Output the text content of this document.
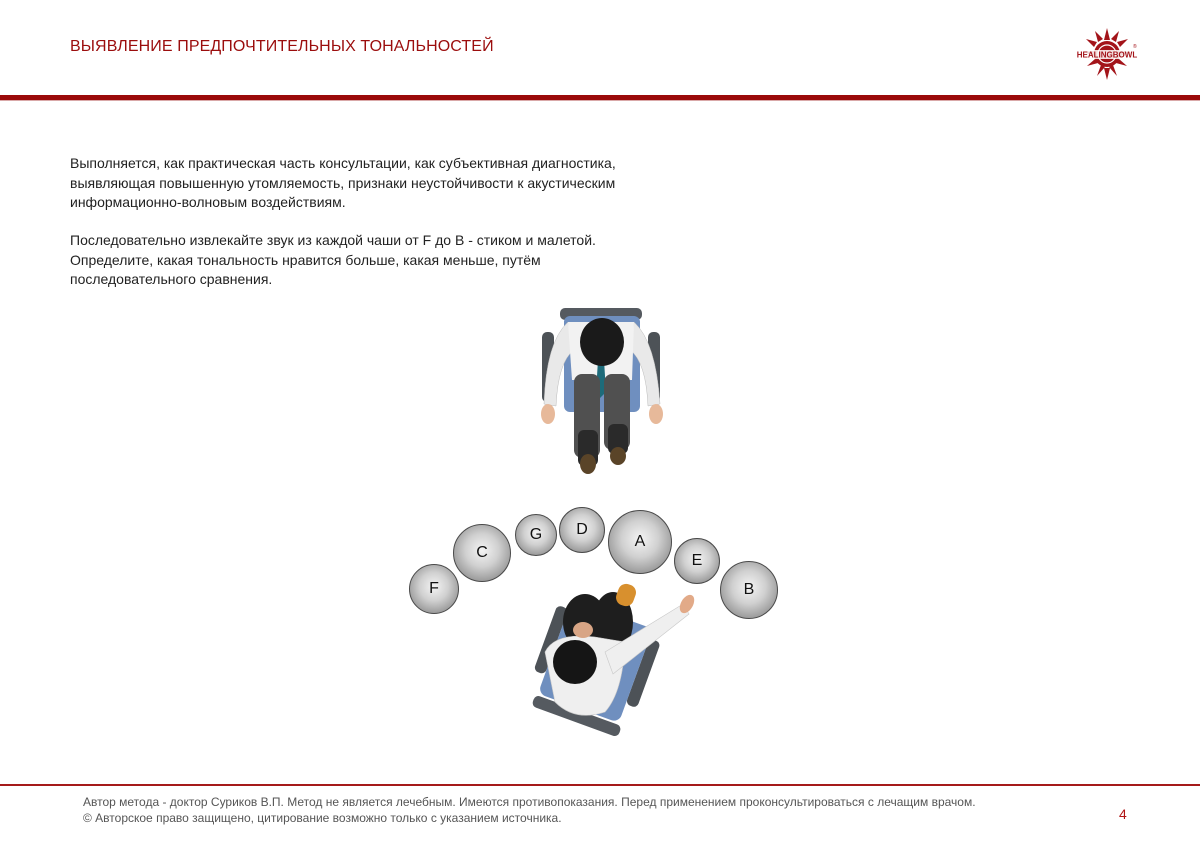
ВЫЯВЛЕНИЕ ПРЕДПОЧТИТЕЛЬНЫХ ТОНАЛЬНОСТЕЙ	HEALINGBOWL
®
Выполняется, как практическая часть консультации, как субъективная диагностика,
выявляющая повышенную утомляемость, признаки неустойчивости к акустическим
информационно-волновым воздействиям.
Последовательно извлекайте звук из каждой чаши от F до B - стиком и малетой.
Определите, какая тональность нравится больше, какая меньше, путём
последовательного сравнения.
F
C
G D
A
E
B
Автор метода - доктор Суриков В.П. Метод не является лечебным. Имеются противопоказания. Перед применением проконсультироваться с лечащим врачом.
© Авторское право защищено, цитирование возможно только с указанием источника.	4
